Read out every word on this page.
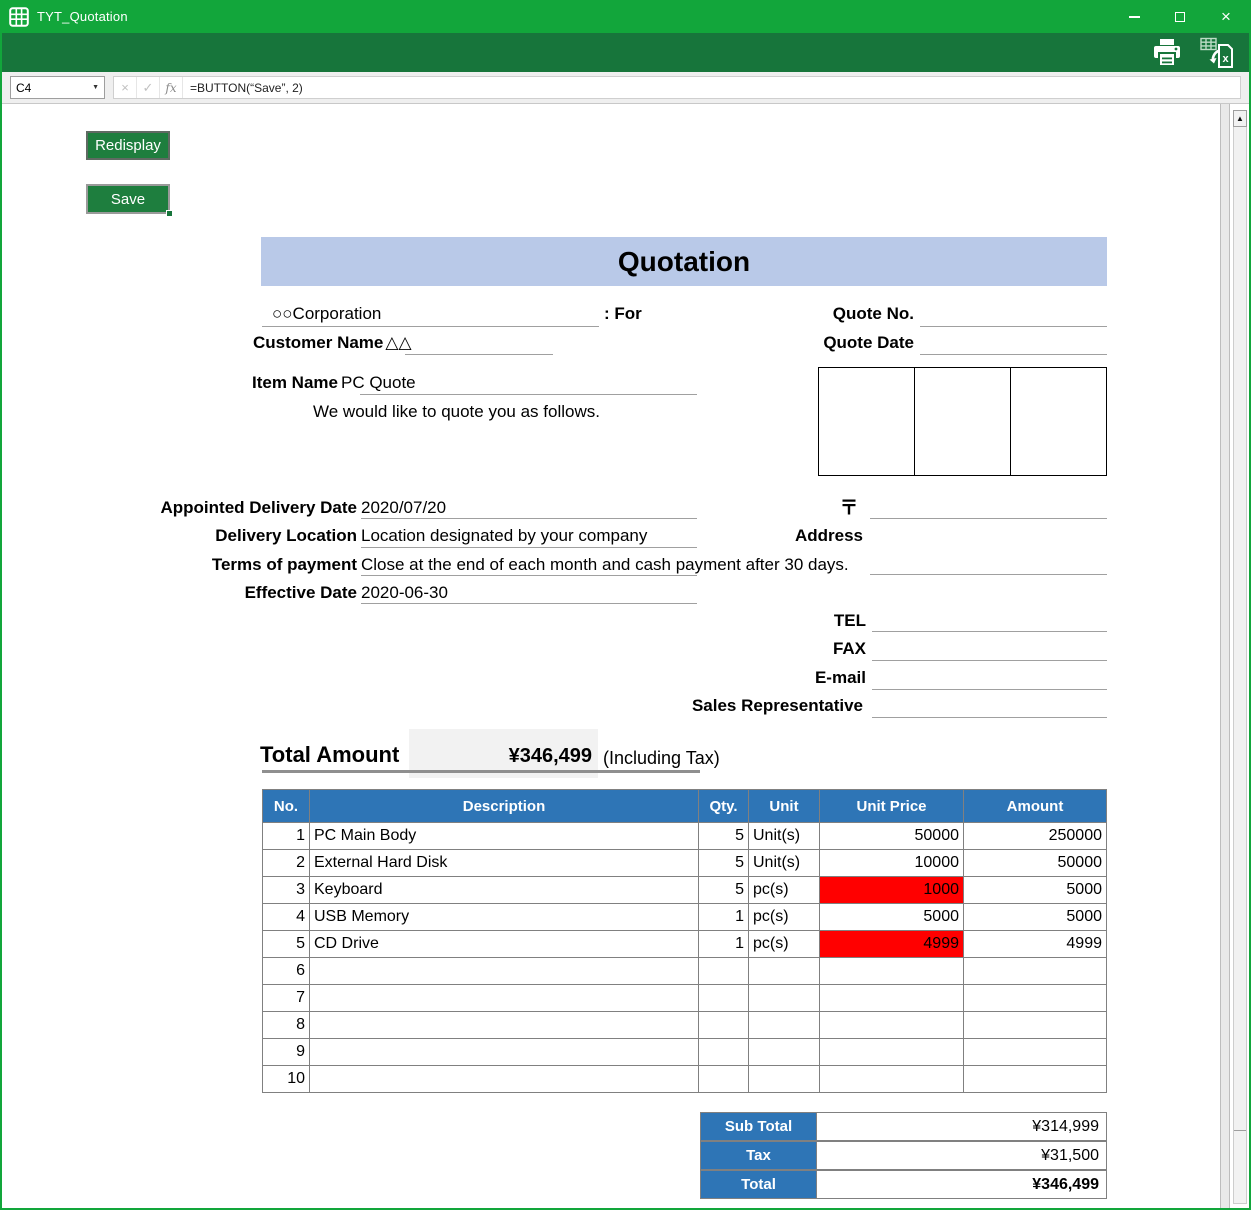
TYT_Quotation	×
x
C4	▼	×	✓ fx	=BUTTON(“Save”, 2)
Redisplay
Save
Quotation
○○Corporation	: For	Quote No.
Customer Name △△	Quote Date
Item Name PC Quote
We would like to quote you as follows.
Appointed Delivery Date 2020/07/20
Delivery Location Location designated by your company
Terms of payment Close at the end of each month and cash payment after 30 days.
Effective Date 2020-06-30
Address
TEL
FAX
E-mail
Sales Representative
Total Amount	¥346,499 (Including Tax)
No.	Description	Qty.	Unit	Unit Price	Amount
1	PC Main Body	5	Unit(s)	50000	250000
2	External Hard Disk	5	Unit(s)	10000	50000
3	Keyboard	5	pc(s)	1000	5000
4	USB Memory	1	pc(s)	5000	5000
5	CD Drive	1	pc(s)	4999	4999
6					
7					
8					
9					
10					
Sub Total	¥314,999
Tax	¥31,500
Total	¥346,499
▲
